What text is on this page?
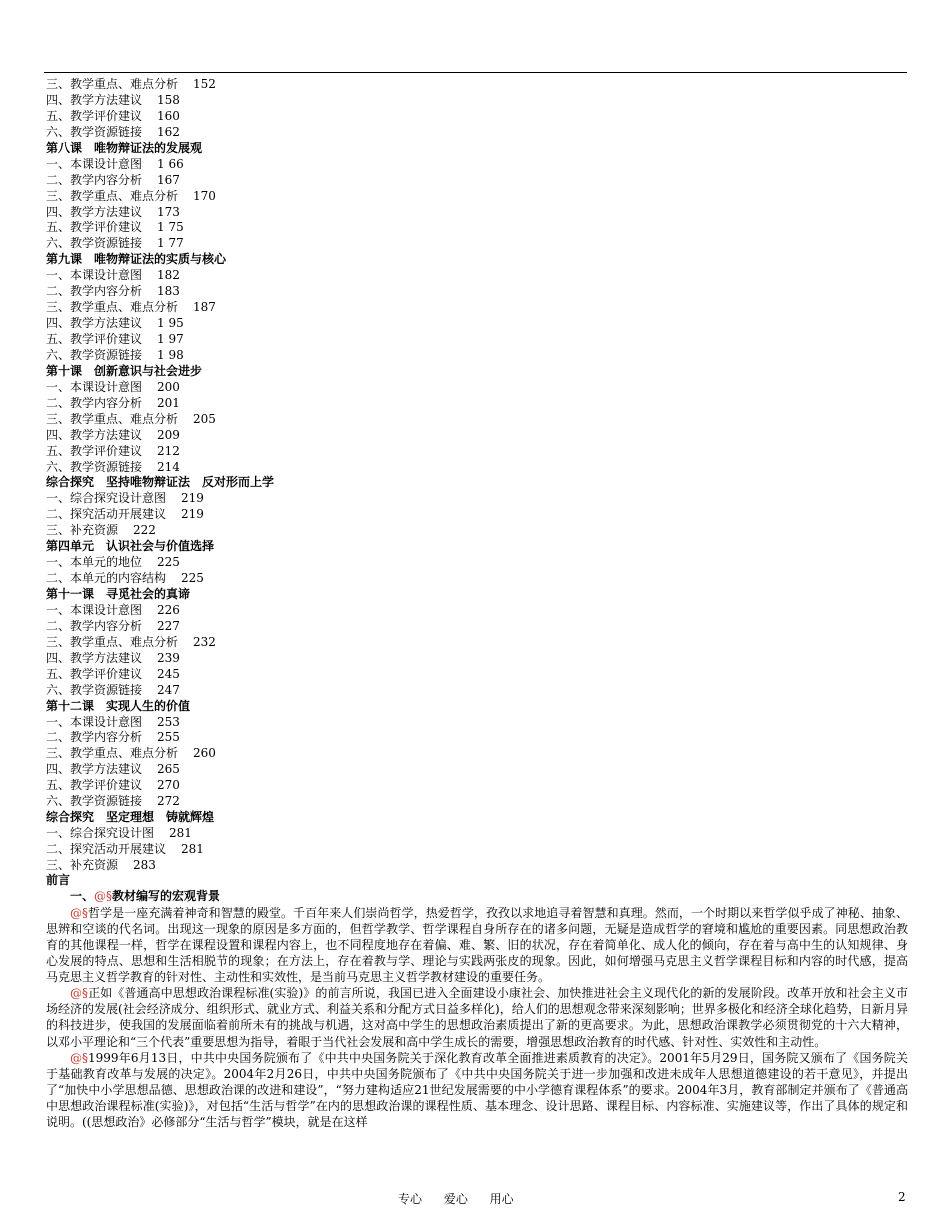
三、教学重点、难点分析 152
四、教学方法建议 158
五、教学评价建议 160
六、教学资源链接 162
第八课　唯物辩证法的发展观
一、本课设计意图 1 66
二、教学内容分析 167
三、教学重点、难点分析 170
四、教学方法建议 173
五、教学评价建议 1 75
六、教学资源链接 1 77
第九课　唯物辩证法的实质与核心
一、本课设计意图 182
二、教学内容分析 183
三、教学重点、难点分析 187
四、教学方法建议 1 95
五、教学评价建议 1 97
六、教学资源链接 1 98
第十课　创新意识与社会进步
一、本课设计意图 200
二、教学内容分析 201
三、教学重点、难点分析 205
四、教学方法建议 209
五、教学评价建议 212
六、教学资源链接 214
综合探究　坚持唯物辩证法　反对形而上学
一、综合探究设计意图 219
二、探究活动开展建议 219
三、补充资源 222
第四单元　认识社会与价值选择
一、本单元的地位 225
二、本单元的内容结构 225
第十一课　寻觅社会的真谛
一、本课设计意图 226
二、教学内容分析 227
三、教学重点、难点分析 232
四、教学方法建议 239
五、教学评价建议 245
六、教学资源链接 247
第十二课　实现人生的价值
一、本课设计意图 253
二、教学内容分析 255
三、教学重点、难点分析 260
四、教学方法建议 265
五、教学评价建议 270
六、教学资源链接 272
综合探究　坚定理想　铸就辉煌
一、综合探究设计图 281
二、探究活动开展建议 281
三、补充资源 283
前言
一、@§教材编写的宏观背景

@§哲学是一座充满着神奇和智慧的殿堂。千百年来人们崇尚哲学，热爱哲学，孜孜以求地追寻着智慧和真理。然而，一个时期以来哲学似乎成了神秘、抽象、思辨和空谈的代名词。出现这一现象的原因是多方面的，但哲学教学、哲学课程自身所存在的诸多问题，无疑是造成哲学的窘境和尴尬的重要因素。同思想政治教育的其他课程一样，哲学在课程设置和课程内容上，也不同程度地存在着偏、难、繁、旧的状况，存在着简单化、成人化的倾向，存在着与高中生的认知规律、身心发展的特点、思想和生活相脱节的现象；在方法上，存在着教与学、理论与实践两张皮的现象。因此，如何增强马克思主义哲学课程目标和内容的时代感，提高马克思主义哲学教育的针对性、主动性和实效性，是当前马克思主义哲学教材建设的重要任务。

@§正如《普通高中思想政治课程标准(实验)》的前言所说，我国已进入全面建设小康社会、加快推进社会主义现代化的新的发展阶段。改革开放和社会主义市场经济的发展(社会经济成分、组织形式、就业方式、利益关系和分配方式日益多样化)，给人们的思想观念带来深刻影响；世界多极化和经济全球化趋势，日新月异的科技进步，使我国的发展面临着前所未有的挑战与机遇，这对高中学生的思想政治素质提出了新的更高要求。为此，思想政治课教学必须贯彻党的十六大精神，以邓小平理论和“三个代表”重要思想为指导，着眼于当代社会发展和高中学生成长的需要，增强思想政治教育的时代感、针对性、实效性和主动性。

@§1999年6月13日，中共中央国务院颁布了《中共中央国务院关于深化教育改革全面推进素质教育的决定》。2001年5月29日，国务院又颁布了《国务院关于基础教育改革与发展的决定》。2004年2月26日，中共中央国务院颁布了《中共中央国务院关于进一步加强和改进未成年人思想道德建设的若干意见》，并提出了“加快中小学思想品德、思想政治课的改进和建设”，“努力建构适应21世纪发展需要的中小学德育课程体系”的要求。2004年3月，教育部制定并颁布了《普通高中思想政治课程标准(实验)》，对包括“生活与哲学”在内的思想政治课的课程性质、基本理念、设计思路、课程目标、内容标准、实施建议等，作出了具体的规定和说明。((思想政治》必修部分“生活与哲学”模块，就是在这样

专心 爱心 用心	2
